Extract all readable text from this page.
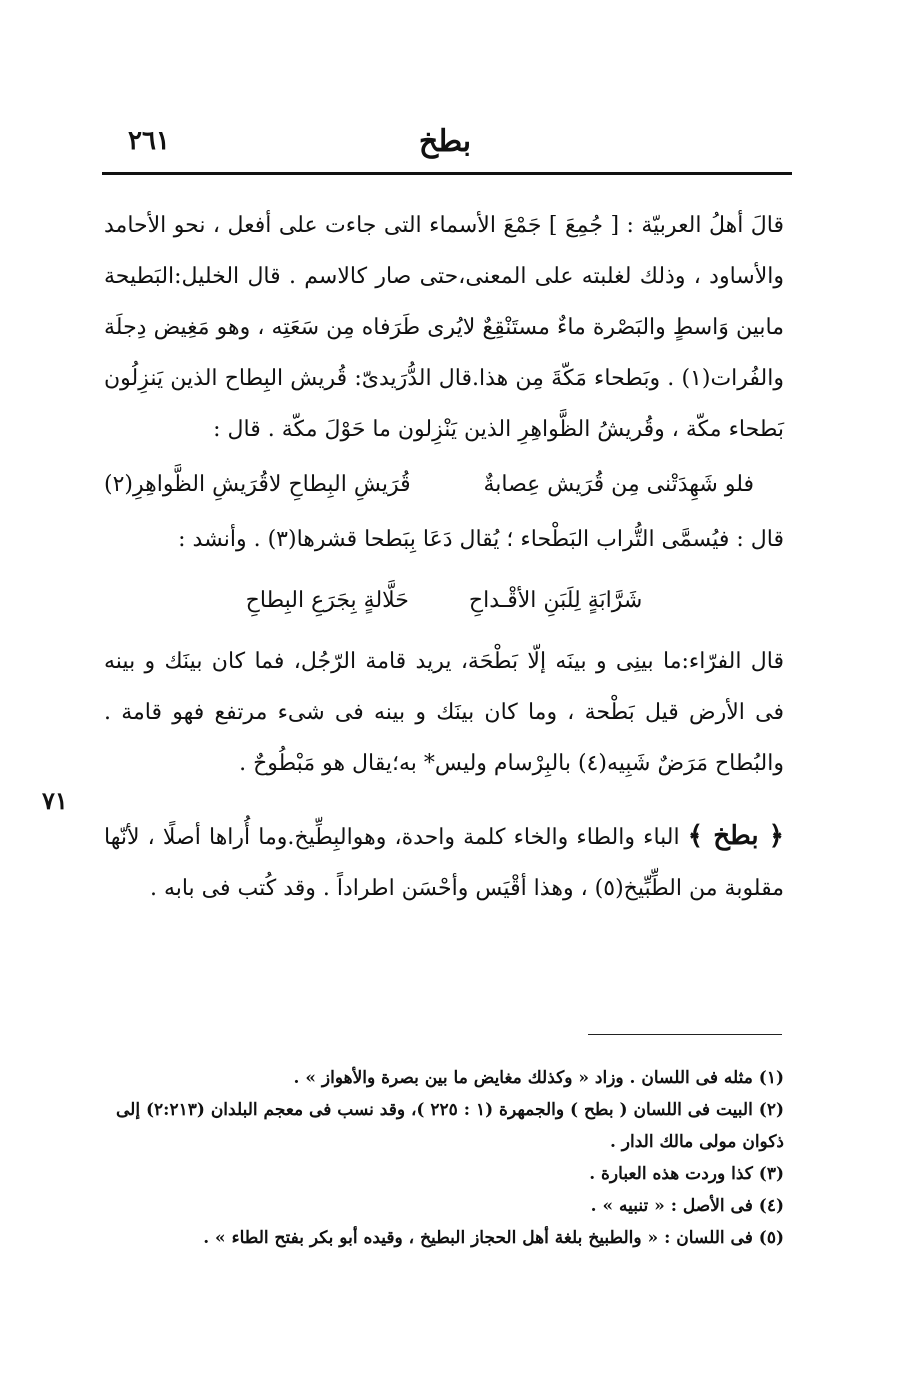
٢٦١	بطخ
٧١

قالَ أهلُ العربيّة : [ جُمِعَ ] جَمْعَ الأسماء التى جاءت على أفعل ، نحو الأحامد والأساود ، وذلك لغلبته على المعنى،حتى صار كالاسم . قال الخليل:البَطيحة مابين وَاسطٍ والبَصْرة ماءٌ مستَنْقِعٌ لايُرى طَرَفاه مِن سَعَتِه ، وهو مَغِيض دِجلَة والفُرات(١) . وبَطحاء مَكّةَ مِن هذا.قال الدُّرَيدىّ: قُريش البِطاح الذين يَنزِلُون بَطحاء مكّة ، وقُريشُ الظَّواهِرِ الذين يَنْزِلون ما حَوْلَ مكّة . قال :

فلو شَهِدَتْنى مِن قُرَيش عِصابةٌ
قُرَيشِ البِطاحِ لاقُرَيشِ الظَّواهِرِ(٢)

قال : فيُسمَّى التُّراب البَطْحاء ؛ يُقال دَعَا بِبَطحا قشرها(٣) . وأنشد :

شَرَّابَةٍ لِلَبَنِ الأقْـداحِ
حَلَّالةٍ بِجَرَعِ البِطاحِ

قال الفرّاء:ما بينِى و بينَه إلّا بَطْحَة، يريد قامة الرّجُل، فما كان بينَك و بينه فى الأرض قيل بَطْحة ، وما كان بينَك و بينه فى شىء مرتفع فهو قامة . والبُطاح مَرَضٌ شَبِيه(٤) بالبِرْسام وليس* به؛يقال هو مَبْطُوحٌ .

﴿ بطخ ﴾ الباء والطاء والخاء كلمة واحدة، وهوالبِطِّيخ.وما أُراها أصلًا ، لأنّها مقلوبة من الطِّبِّيخ(٥) ، وهذا أقْيَس وأحْسَن اطراداً . وقد كُتب فى بابه .

(١) مثله فى اللسان . وزاد « وكذلك مغايض ما بين بصرة والأهواز » .

(٢) البيت فى اللسان ( بطح ) والجمهرة (١ : ٢٢٥ )، وقد نسب فى معجم البلدان (٢:٢١٣) إلى ذكوان مولى مالك الدار .

(٣) كذا وردت هذه العبارة .

(٤) فى الأصل : « تنبيه » .

(٥) فى اللسان : « والطبيخ بلغة أهل الحجاز البطيخ ، وقيده أبو بكر بفتح الطاء » .
